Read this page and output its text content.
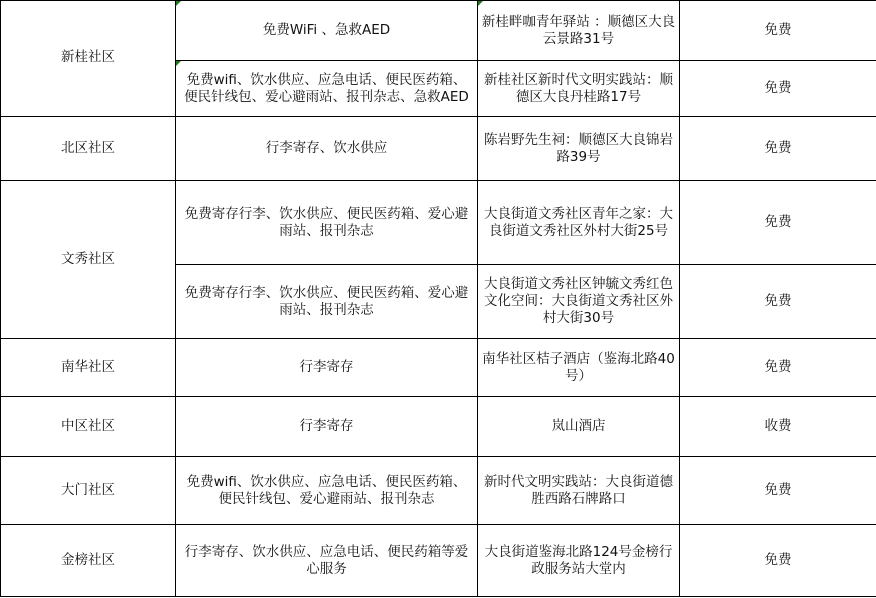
新桂社区	免费WiFi 、急救AED	新桂畔咖青年驿站 ：顺德区大良云景路31号	免费
	免费wifi、饮水供应、应急电话、便民医药箱、便民针线包、爱心避雨站、报刊杂志、急救AED	新桂社区新时代文明实践站：顺德区大良丹桂路17号	免费
北区社区	行李寄存、饮水供应	陈岩野先生祠：顺德区大良锦岩路39号	免费
文秀社区	免费寄存行李、饮水供应、便民医药箱、爱心避雨站、报刊杂志	大良街道文秀社区青年之家：大良街道文秀社区外村大街25号	免费
	免费寄存行李、饮水供应、便民医药箱、爱心避雨站、报刊杂志	大良街道文秀社区钟毓文秀红色文化空间：大良街道文秀社区外村大街30号	免费
南华社区	行李寄存	南华社区桔子酒店（鉴海北路40号）	免费
中区社区	行李寄存	岚山酒店	收费
大门社区	免费wifi、饮水供应、应急电话、便民医药箱、便民针线包、爱心避雨站、报刊杂志	新时代文明实践站：大良街道德胜西路石牌路口	免费
金榜社区	行李寄存、饮水供应、应急电话、便民药箱等爱心服务	大良街道鉴海北路124号金榜行政服务站大堂内	免费
